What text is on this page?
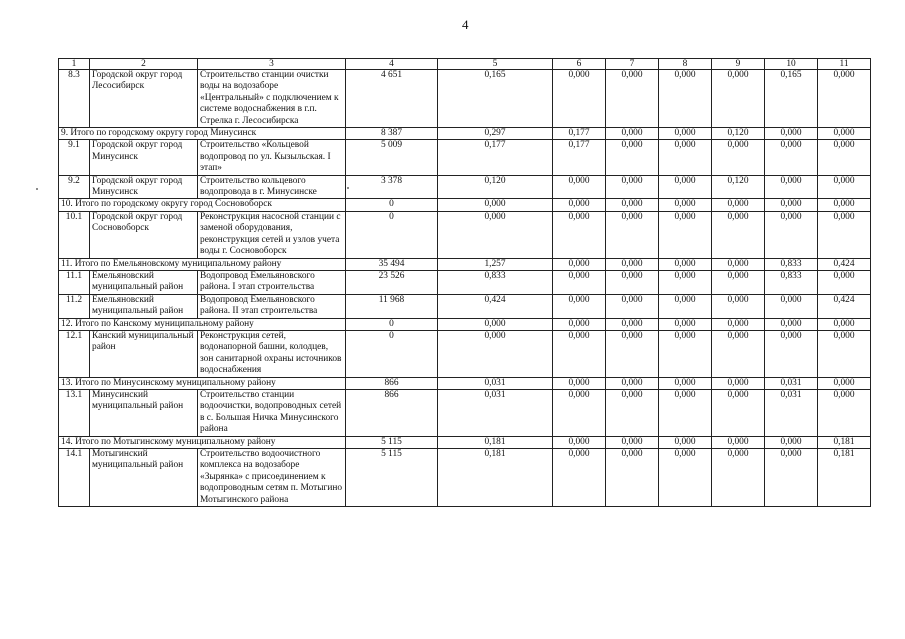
4
1	2	3	4	5	6	7	8	9	10	11
8.3	Городской округ город Лесосибирск	Строительство станции очистки воды на водозаборе «Центральный» с подключением к системе водоснабжения в г.п. Стрелка г. Лесосибирска	4 651	0,165	0,000	0,000	0,000	0,000	0,165	0,000
9. Итого по городскому округу город Минусинск			8 387	0,297	0,177	0,000	0,000	0,120	0,000	0,000
9.1	Городской округ город Минусинск	Строительство «Кольцевой водопровод по ул. Кызыльская. I этап»	5 009	0,177	0,177	0,000	0,000	0,000	0,000	0,000
9.2	Городской округ город Минусинск	Строительство кольцевого водопровода в г. Минусинске	3 378	0,120	0,000	0,000	0,000	0,120	0,000	0,000
10. Итого по городскому округу город Сосновоборск			0	0,000	0,000	0,000	0,000	0,000	0,000	0,000
10.1	Городской округ город Сосновоборск	Реконструкция насосной станции с заменой оборудования, реконструкция сетей и узлов учета воды г. Сосновоборск	0	0,000	0,000	0,000	0,000	0,000	0,000	0,000
11. Итого по Емельяновскому муниципальному району			35 494	1,257	0,000	0,000	0,000	0,000	0,833	0,424
11.1	Емельяновский муниципальный район	Водопровод Емельяновского района. I этап строительства	23 526	0,833	0,000	0,000	0,000	0,000	0,833	0,000
11.2	Емельяновский муниципальный район	Водопровод Емельяновского района. II этап строительства	11 968	0,424	0,000	0,000	0,000	0,000	0,000	0,424
12. Итого по Канскому муниципальному району			0	0,000	0,000	0,000	0,000	0,000	0,000	0,000
12.1	Канский муниципальный район	Реконструкция сетей, водонапорной башни, колодцев, зон санитарной охраны источников водоснабжения	0	0,000	0,000	0,000	0,000	0,000	0,000	0,000
13. Итого по Минусинскому муниципальному району			866	0,031	0,000	0,000	0,000	0,000	0,031	0,000
13.1	Минусинский муниципальный район	Строительство станции водоочистки, водопроводных сетей в с. Большая Ничка Минусинского района	866	0,031	0,000	0,000	0,000	0,000	0,031	0,000
14. Итого по Мотыгинскому муниципальному району			5 115	0,181	0,000	0,000	0,000	0,000	0,000	0,181
14.1	Мотыгинский муниципальный район	Строительство водоочистного комплекса на водозаборе «Зырянка» с присоединением к водопроводным сетям п. Мотыгино Мотыгинского района	5 115	0,181	0,000	0,000	0,000	0,000	0,000	0,181
